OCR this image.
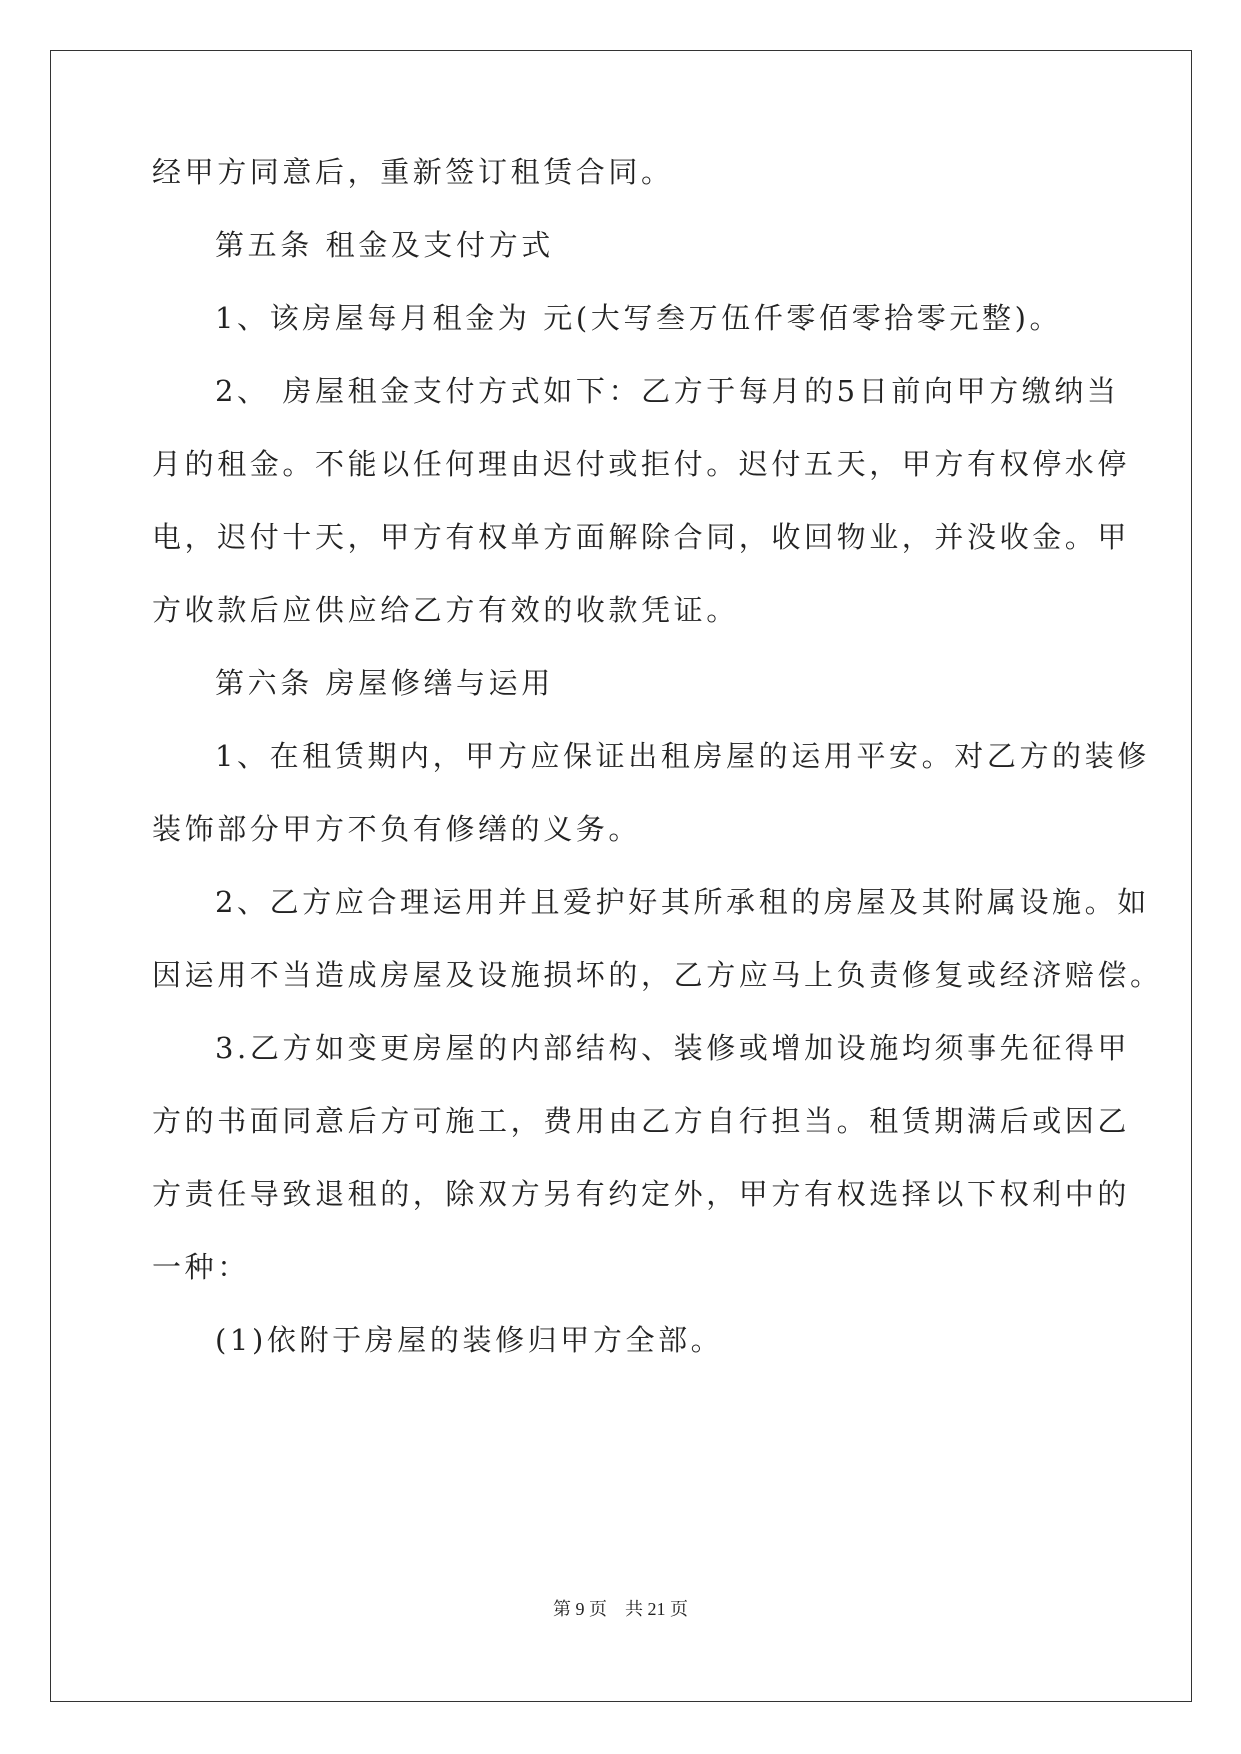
经甲方同意后，重新签订租赁合同。
第五条 租金及支付方式
1、该房屋每月租金为 元(大写叁万伍仟零佰零拾零元整)。
2、 房屋租金支付方式如下：乙方于每月的5日前向甲方缴纳当
月的租金。不能以任何理由迟付或拒付。迟付五天，甲方有权停水停
电，迟付十天，甲方有权单方面解除合同，收回物业，并没收金。甲
方收款后应供应给乙方有效的收款凭证。
第六条 房屋修缮与运用
1、在租赁期内，甲方应保证出租房屋的运用平安。对乙方的装修
装饰部分甲方不负有修缮的义务。
2、乙方应合理运用并且爱护好其所承租的房屋及其附属设施。如
因运用不当造成房屋及设施损坏的，乙方应马上负责修复或经济赔偿。
3.乙方如变更房屋的内部结构、装修或增加设施均须事先征得甲
方的书面同意后方可施工，费用由乙方自行担当。租赁期满后或因乙
方责任导致退租的，除双方另有约定外，甲方有权选择以下权利中的
一种：
(1)依附于房屋的装修归甲方全部。
第 9 页 共 21 页
